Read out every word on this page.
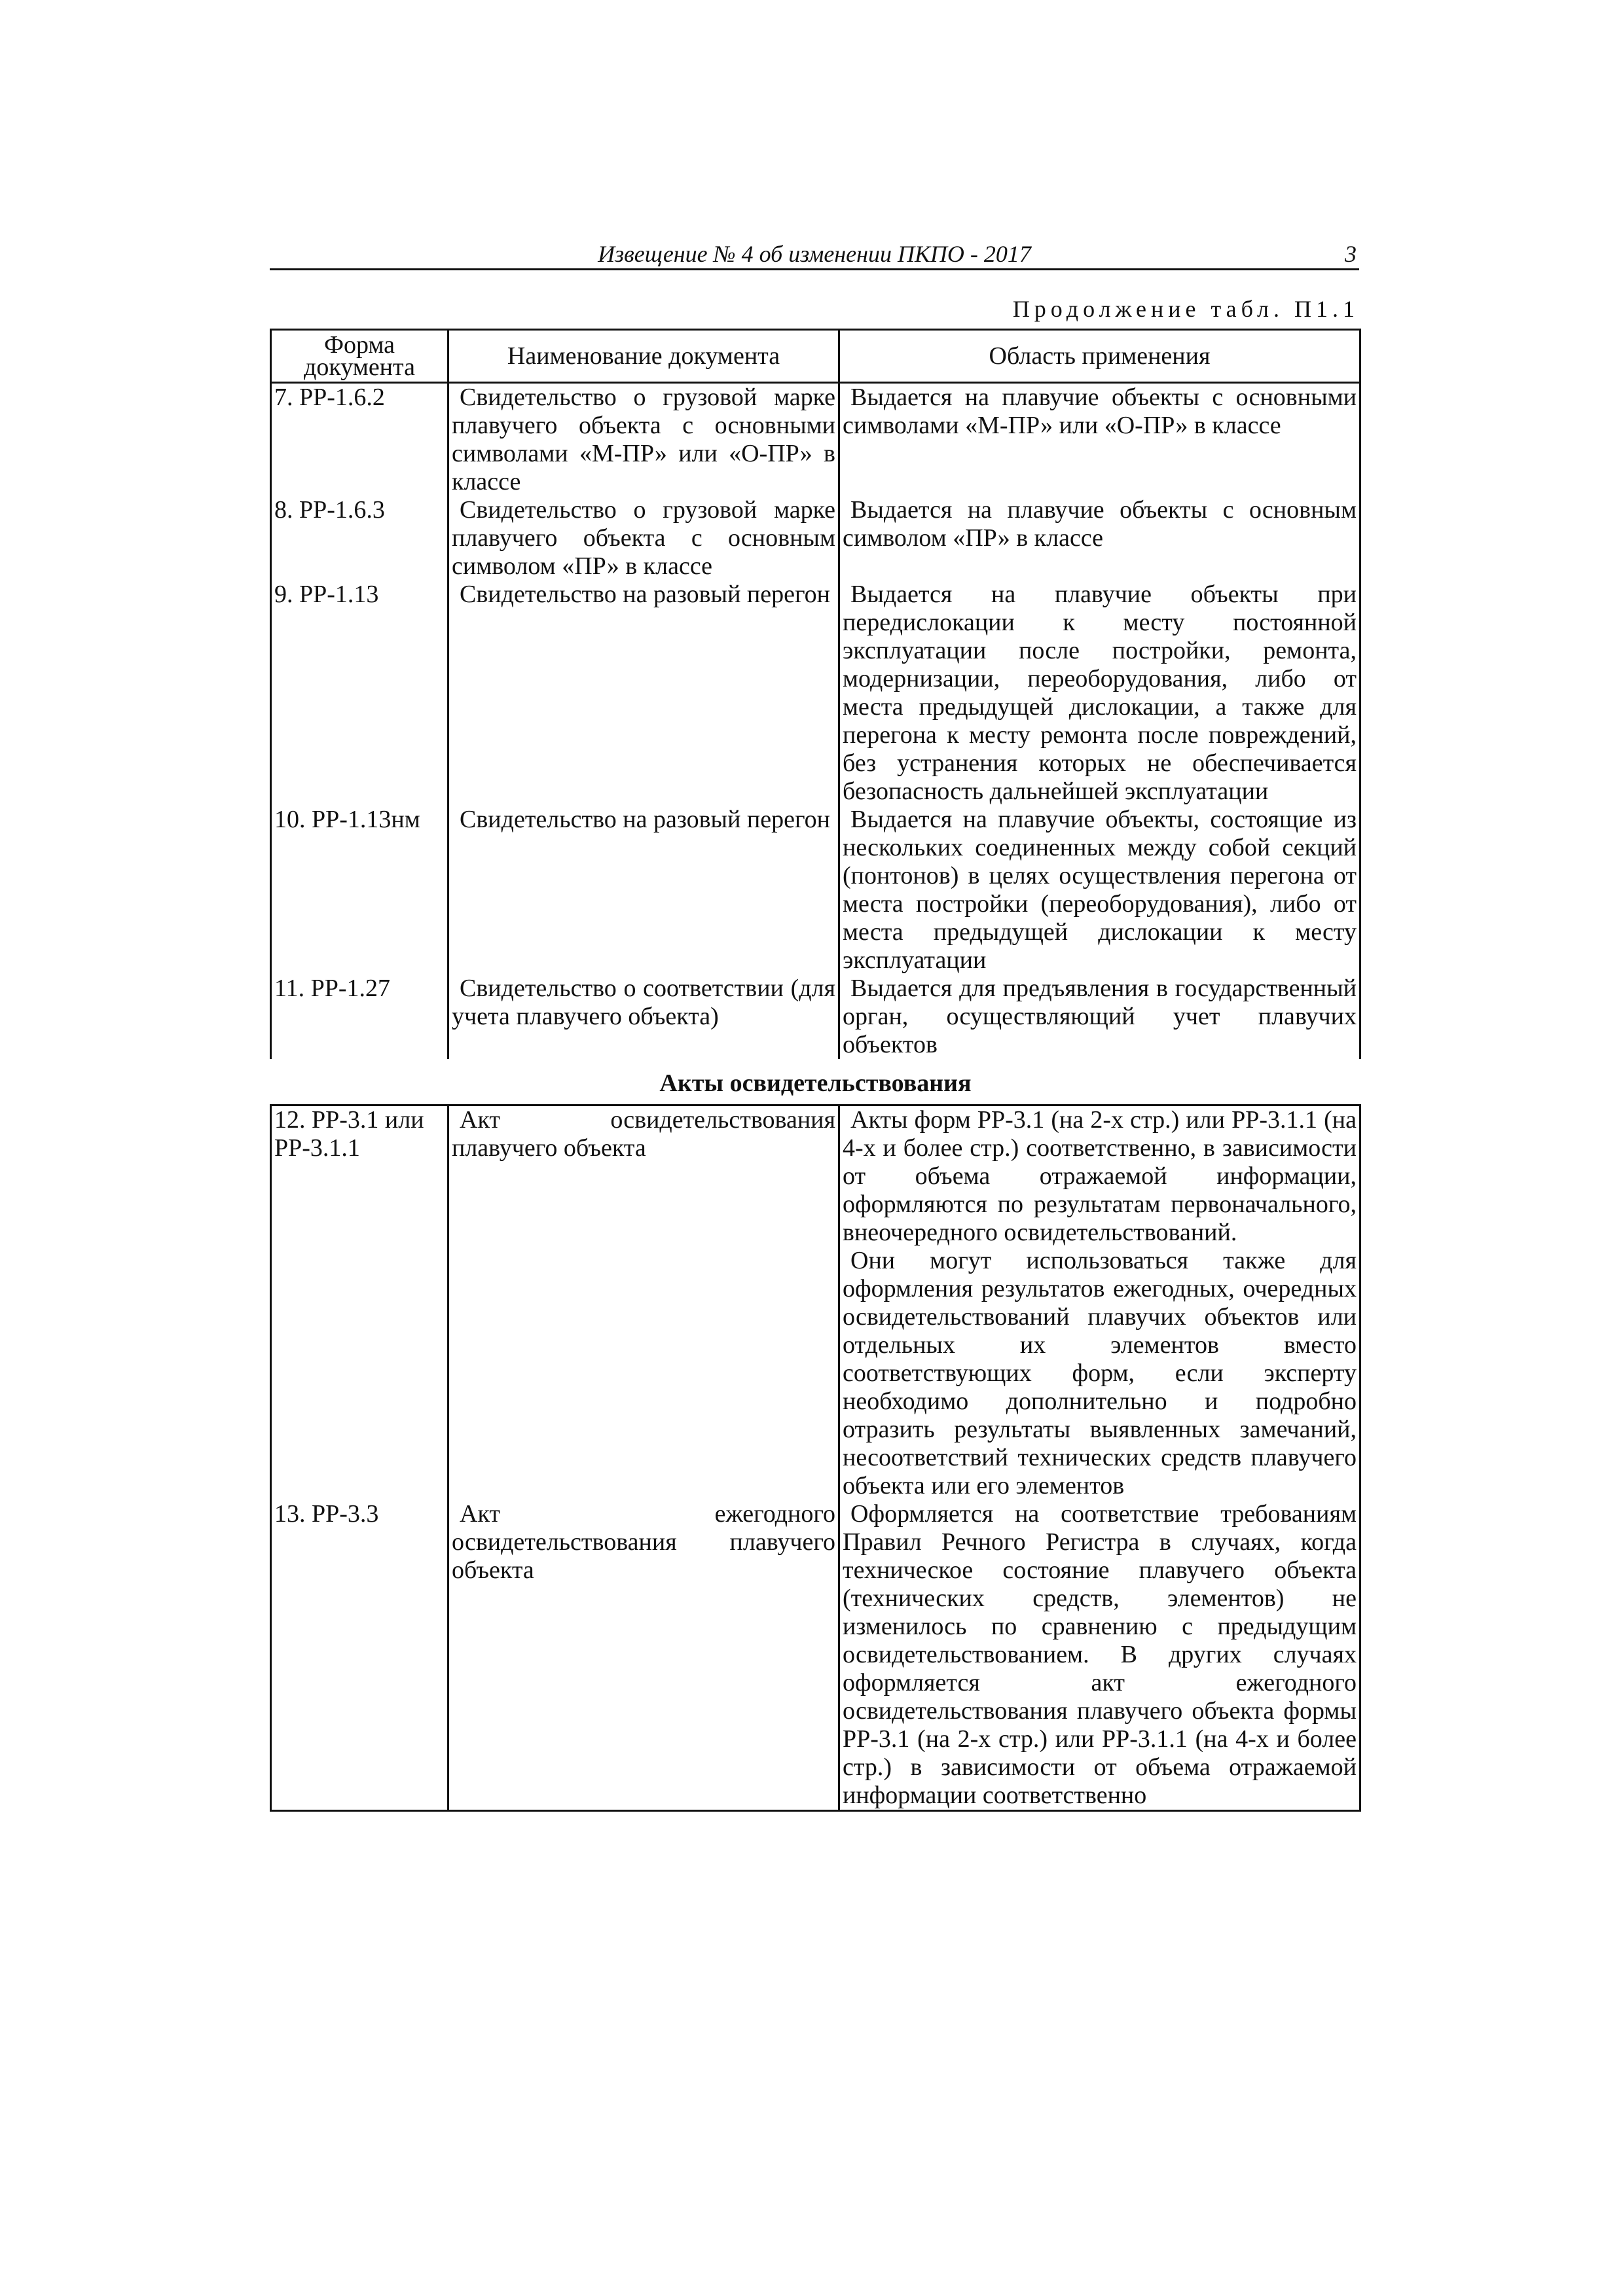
Извещение № 4 об изменении ПКПО - 2017	3
Продолжение табл. П1.1
Форма документа	Наименование документа	Область применения
7. РР-1.6.2	Свидетельство о грузовой марке плавучего объекта с основными символами «М-ПР» или «О-ПР» в классе	Выдается на плавучие объекты с основными символами «М-ПР» или «О-ПР» в классе

8. РР-1.6.3	Свидетельство о грузовой марке плавучего объекта с основным символом «ПР» в классе	Выдается на плавучие объекты с основным символом «ПР» в классе

9. РР-1.13	Свидетельство на разовый перегон	Выдается на плавучие объекты при передислокации к месту постоянной эксплуатации после постройки, ремонта, модернизации, переоборудования, либо от места предыдущей дислокации, а также для перегона к месту ремонта после повреждений, без устранения которых не обеспечивается безопасность дальнейшей эксплуатации

10. РР-1.13нм	Свидетельство на разовый перегон	Выдается на плавучие объекты, состоящие из нескольких соединенных между собой секций (понтонов) в целях осуществления перегона от места постройки (переоборудования), либо от места предыдущей дислокации к месту эксплуатации

11. РР-1.27	Свидетельство о соответствии (для учета плавучего объекта)	Выдается для предъявления в государственный орган, осуществляющий учет плавучих объектов

Акты освидетельствования		
12. РР-3.1 или РР-3.1.1	Акт освидетельствования плавучего объекта	Акты форм РР-3.1 (на 2-х стр.) или РР-3.1.1 (на 4-х и более стр.) соответственно, в зависимости от объема отражаемой информации, оформляются по результатам первоначального, внеочередного освидетельствований.
Они могут использоваться также для оформления результатов ежегодных, очередных освидетельствований плавучих объектов или отдельных их элементов вместо соответствующих форм, если эксперту необходимо дополнительно и подробно отразить результаты выявленных замечаний, несоответствий технических средств плавучего объекта или его элементов

13. РР-3.3	Акт ежегодного освидетельствования плавучего объекта	Оформляется на соответствие требованиям Правил Речного Регистра в случаях, когда техническое состояние плавучего объекта (технических средств, элементов) не изменилось по сравнению с предыдущим освидетельствованием. В других случаях оформляется акт ежегодного освидетельствования плавучего объекта формы РР-3.1 (на 2-х стр.) или РР-3.1.1 (на 4-х и более стр.) в зависимости от объема отражаемой информации соответственно
